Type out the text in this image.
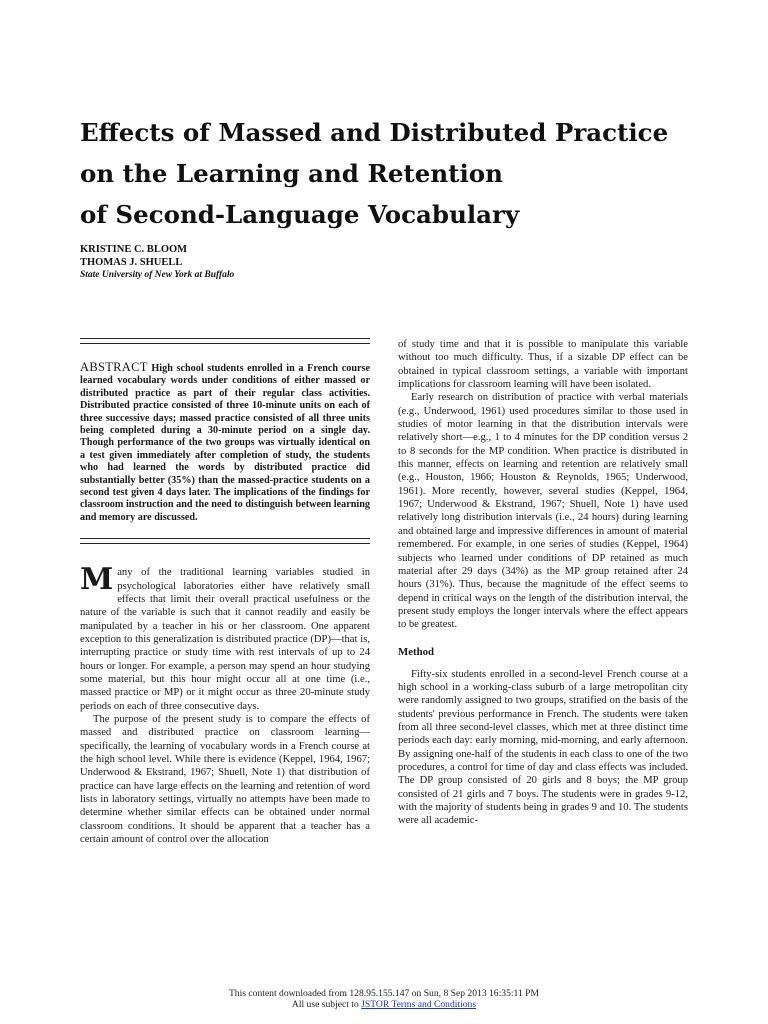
Effects of Massed and Distributed Practice
on the Learning and Retention
of Second-Language Vocabulary
KRISTINE C. BLOOM
THOMAS J. SHUELL
State University of New York at Buffalo
ABSTRACT High school students enrolled in a French course learned vocabulary words under conditions of either massed or distributed practice as part of their regular class activities. Distributed practice consisted of three 10-minute units on each of three successive days; massed practice consisted of all three units being completed during a 30-minute period on a single day. Though performance of the two groups was virtually identical on a test given immediately after completion of study, the students who had learned the words by distributed practice did substantially better (35%) than the massed-practice students on a second test given 4 days later. The implications of the findings for classroom instruction and the need to distinguish between learning and memory are discussed.

Many of the traditional learning variables studied in psychological laboratories either have relatively small effects that limit their overall practical usefulness or the nature of the variable is such that it cannot readily and easily be manipulated by a teacher in his or her classroom. One apparent exception to this generalization is distributed practice (DP)—that is, interrupting practice or study time with rest intervals of up to 24 hours or longer. For example, a person may spend an hour studying some material, but this hour might occur all at one time (i.e., massed practice or MP) or it might occur as three 20-minute study periods on each of three consecutive days.

The purpose of the present study is to compare the effects of massed and distributed practice on classroom learning—specifically, the learning of vocabulary words in a French course at the high school level. While there is evidence (Keppel, 1964, 1967; Underwood & Ekstrand, 1967; Shuell, Note 1) that distribution of practice can have large effects on the learning and retention of word lists in laboratory settings, virtually no attempts have been made to determine whether similar effects can be obtained under normal classroom conditions. It should be apparent that a teacher has a certain amount of control over the allocation

of study time and that it is possible to manipulate this variable without too much difficulty. Thus, if a sizable DP effect can be obtained in typical classroom settings, a variable with important implications for classroom learning will have been isolated.

Early research on distribution of practice with verbal materials (e.g., Underwood, 1961) used procedures similar to those used in studies of motor learning in that the distribution intervals were relatively short—e.g., 1 to 4 minutes for the DP condition versus 2 to 8 seconds for the MP condition. When practice is distributed in this manner, effects on learning and retention are relatively small (e.g., Houston, 1966; Houston & Reynolds, 1965; Underwood, 1961). More recently, however, several studies (Keppel, 1964, 1967; Underwood & Ekstrand, 1967; Shuell, Note 1) have used relatively long distribution intervals (i.e., 24 hours) during learning and obtained large and impressive differences in amount of material remembered. For example, in one series of studies (Keppel, 1964) subjects who learned under conditions of DP retained as much material after 29 days (34%) as the MP group retained after 24 hours (31%). Thus, because the magnitude of the effect seems to depend in critical ways on the length of the distribution interval, the present study employs the longer intervals where the effect appears to be greatest.

Method

Fifty-six students enrolled in a second-level French course at a high school in a working-class suburb of a large metropolitan city were randomly assigned to two groups, stratified on the basis of the students' previous performance in French. The students were taken from all three second-level classes, which met at three distinct time periods each day: early morning, mid-morning, and early afternoon. By assigning one-half of the students in each class to one of the two procedures, a control for time of day and class effects was included. The DP group consisted of 20 girls and 8 boys; the MP group consisted of 21 girls and 7 boys. The students were in grades 9-12, with the majority of students being in grades 9 and 10. The students were all academic-

This content downloaded from 128.95.155.147 on Sun, 8 Sep 2013 16:35:11 PM
All use subject to JSTOR Terms and Conditions
